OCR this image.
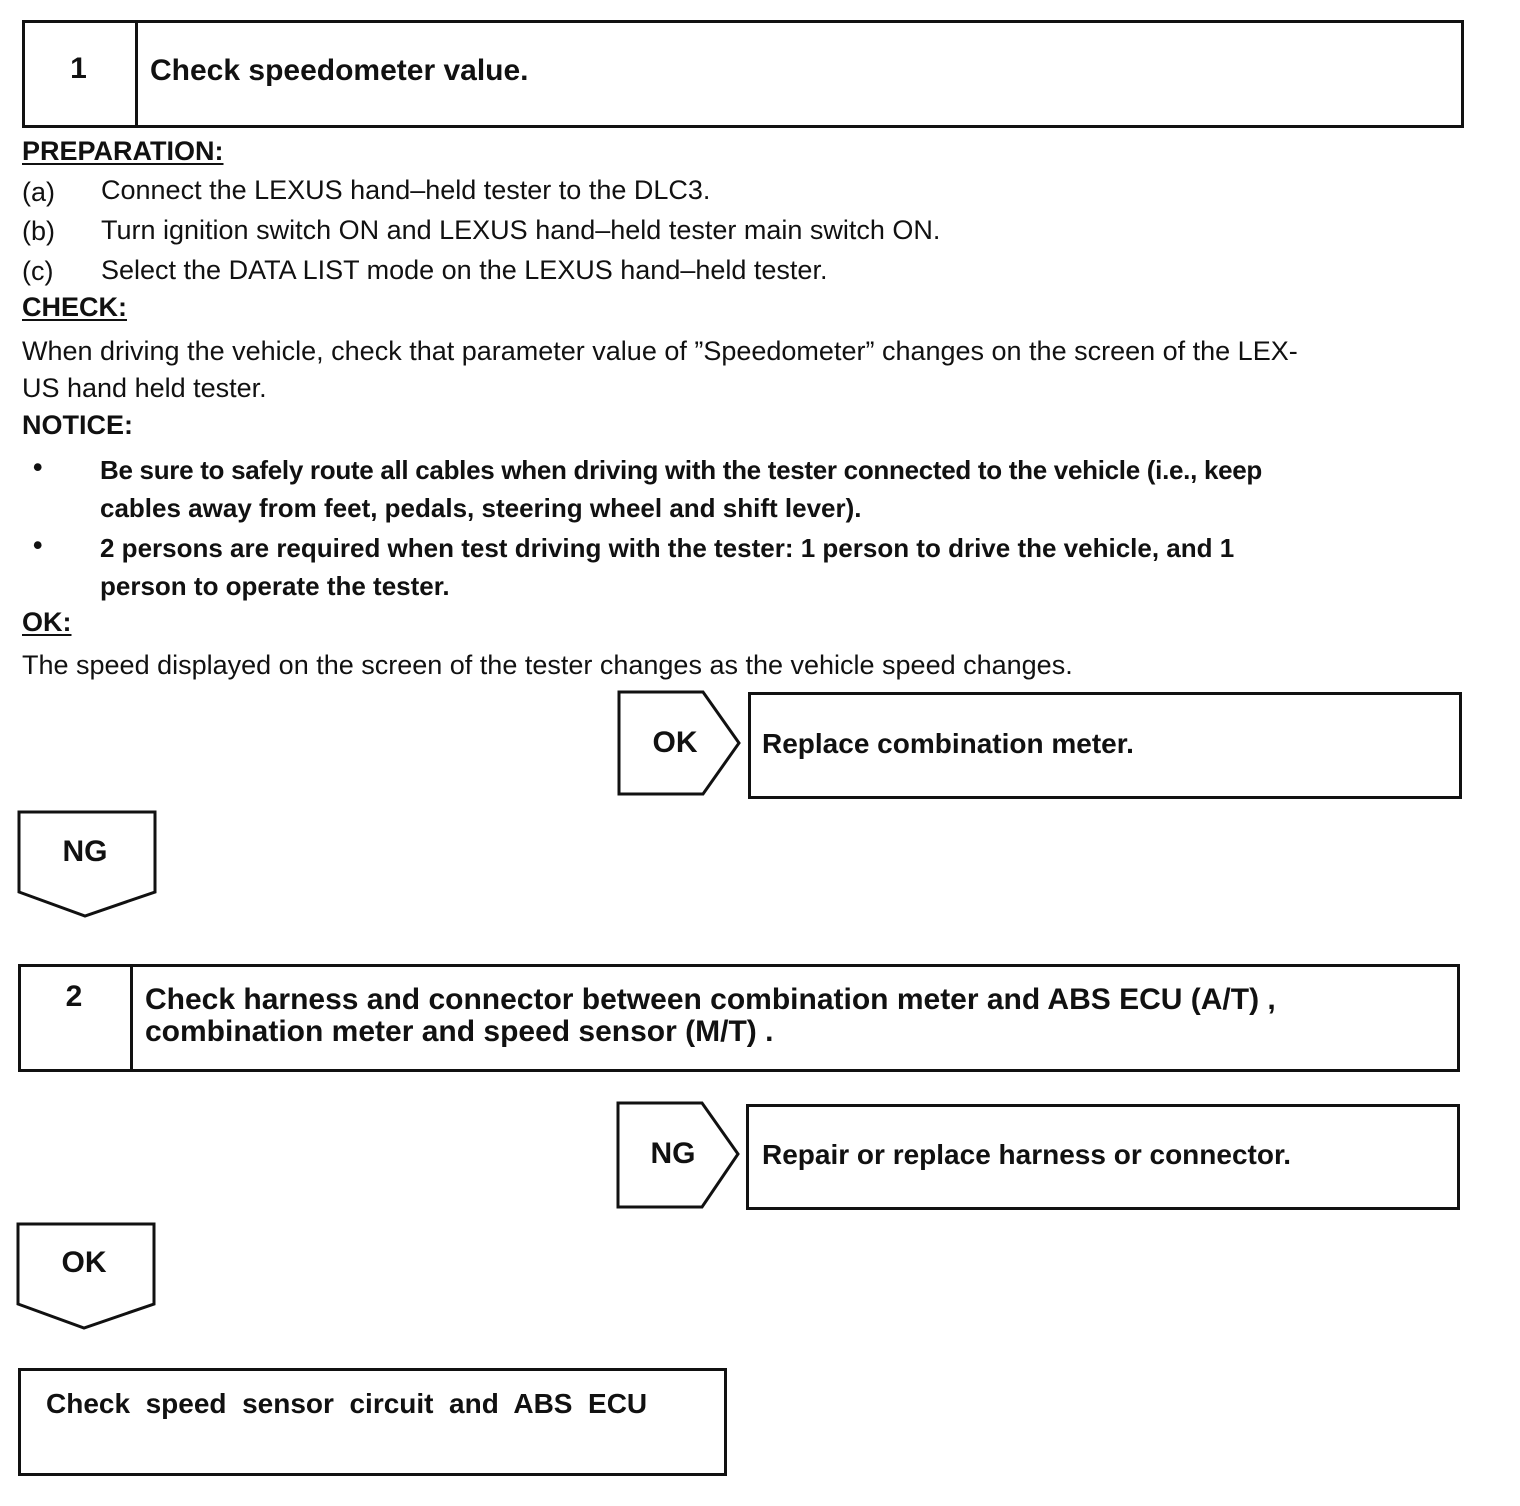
1	Check speedometer value.
PREPARATION:
(a) Connect the LEXUS hand–held tester to the DLC3.
(b) Turn ignition switch ON and LEXUS hand–held tester main switch ON.
(c) Select the DATA LIST mode on the LEXUS hand–held tester.
CHECK:
When driving the vehicle, check that parameter value of ”Speedometer” changes on the screen of the LEX-
US hand held tester.
NOTICE:
• Be sure to safely route all cables when driving with the tester connected to the vehicle (i.e., keep
cables away from feet, pedals, steering wheel and shift lever).
• 2 persons are required when test driving with the tester: 1 person to drive the vehicle, and 1
person to operate the tester.
OK:
The speed displayed on the screen of the tester changes as the vehicle speed changes.
OK	Replace combination meter.
NG
2	Check harness and connector between combination meter and ABS ECU (A/T) ,
combination meter and speed sensor (M/T) .
NG	Repair or replace harness or connector.
OK
Check  speed  sensor  circuit  and  ABS  ECU
